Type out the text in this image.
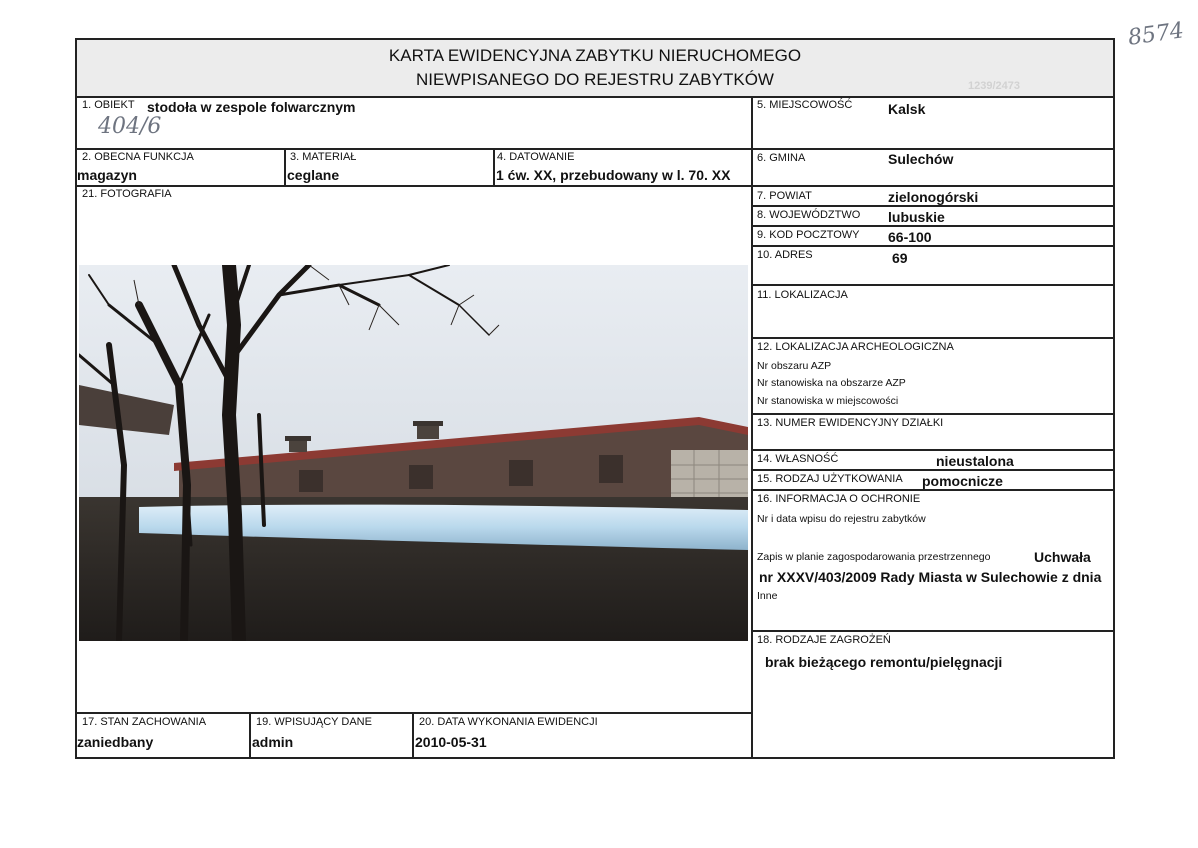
8574
KARTA EWIDENCYJNA ZABYTKU NIERUCHOMEGO
NIEWPISANEGO DO REJESTRU ZABYTKÓW	1239/2473
1. OBIEKT stodoła w zespole folwarcznym
404/6
2. OBECNA FUNKCJA
magazyn
3. MATERIAŁ
ceglane
4. DATOWANIE
1 ćw. XX, przebudowany w l. 70. XX
21. FOTOGRAFIA
17. STAN ZACHOWANIA
zaniedbany
19. WPISUJĄCY DANE
admin
20. DATA WYKONANIA EWIDENCJI
2010-05-31
5. MIEJSCOWOŚĆ	Kalsk
6. GMINA	Sulechów
7. POWIAT	zielonogórski
8. WOJEWÓDZTWO lubuskie
9. KOD POCZTOWY 66-100
10. ADRES	69
11. LOKALIZACJA
12. LOKALIZACJA ARCHEOLOGICZNA
Nr obszaru AZP
Nr stanowiska na obszarze AZP
Nr stanowiska w miejscowości
13. NUMER EWIDENCYJNY DZIAŁKI
14. WŁASNOŚĆ	nieustalona
15. RODZAJ UŻYTKOWANIA pomocnicze
16. INFORMACJA O OCHRONIE
Nr i data wpisu do rejestru zabytków
Zapis w planie zagospodarowania przestrzennego	Uchwała
nr XXXV/403/2009 Rady Miasta w Sulechowie z dnia
Inne
18. RODZAJE ZAGROŻEŃ
brak bieżącego remontu/pielęgnacji
